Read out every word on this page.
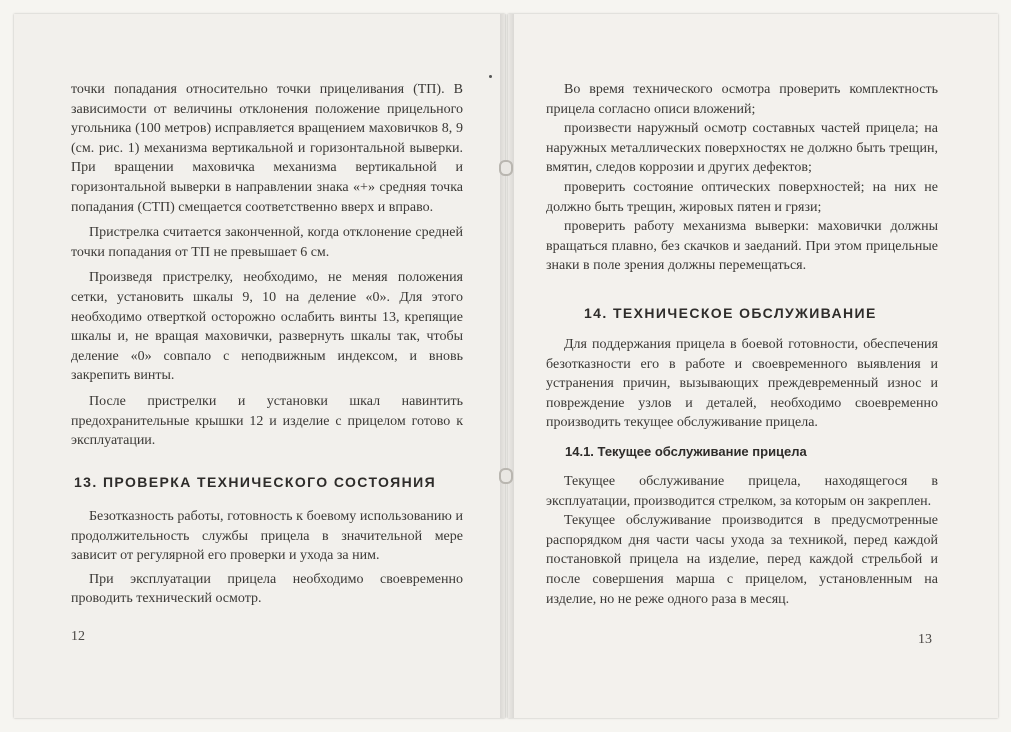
точки попадания относительно точки прицеливания (ТП). В зависимости от величины отклонения положение прицельного угольника (100 метров) исправляется вращением маховичков 8, 9 (см. рис. 1) механизма вертикальной и горизонтальной выверки. При вращении маховичка механизма вертикальной и горизонтальной выверки в направлении знака «+» средняя точка попадания (СТП) смещается соответственно вверх и вправо.

Пристрелка считается законченной, когда отклонение средней точки попадания от ТП не превышает 6 см.

Произведя пристрелку, необходимо, не меняя положения сетки, установить шкалы 9, 10 на деление «0». Для этого необходимо отверткой осторожно ослабить винты 13, крепящие шкалы и, не вращая маховички, развернуть шкалы так, чтобы деление «0» совпало с неподвижным индексом, и вновь закрепить винты.

После пристрелки и установки шкал навинтить предохранительные крышки 12 и изделие с прицелом готово к эксплуатации.

13. ПРОВЕРКА ТЕХНИЧЕСКОГО СОСТОЯНИЯ

Безотказность работы, готовность к боевому использованию и продолжительность службы прицела в значительной мере зависит от регулярной его проверки и ухода за ним.

При эксплуатации прицела необходимо своевременно проводить технический осмотр.

12

Во время технического осмотра проверить комплектность прицела согласно описи вложений;

произвести наружный осмотр составных частей прицела; на наружных металлических поверхностях не должно быть трещин, вмятин, следов коррозии и других дефектов;

проверить состояние оптических поверхностей; на них не должно быть трещин, жировых пятен и грязи;

проверить работу механизма выверки: маховички должны вращаться плавно, без скачков и заеданий. При этом прицельные знаки в поле зрения должны перемещаться.

14. ТЕХНИЧЕСКОЕ ОБСЛУЖИВАНИЕ

Для поддержания прицела в боевой готовности, обеспечения безотказности его в работе и своевременного выявления и устранения причин, вызывающих преждевременный износ и повреждение узлов и деталей, необходимо своевременно производить текущее обслуживание прицела.

14.1. Текущее обслуживание прицела

Текущее обслуживание прицела, находящегося в эксплуатации, производится стрелком, за которым он закреплен.

Текущее обслуживание производится в предусмотренные распорядком дня части часы ухода за техникой, перед каждой постановкой прицела на изделие, перед каждой стрельбой и после совершения марша с прицелом, установленным на изделие, но не реже одного раза в месяц.

13
